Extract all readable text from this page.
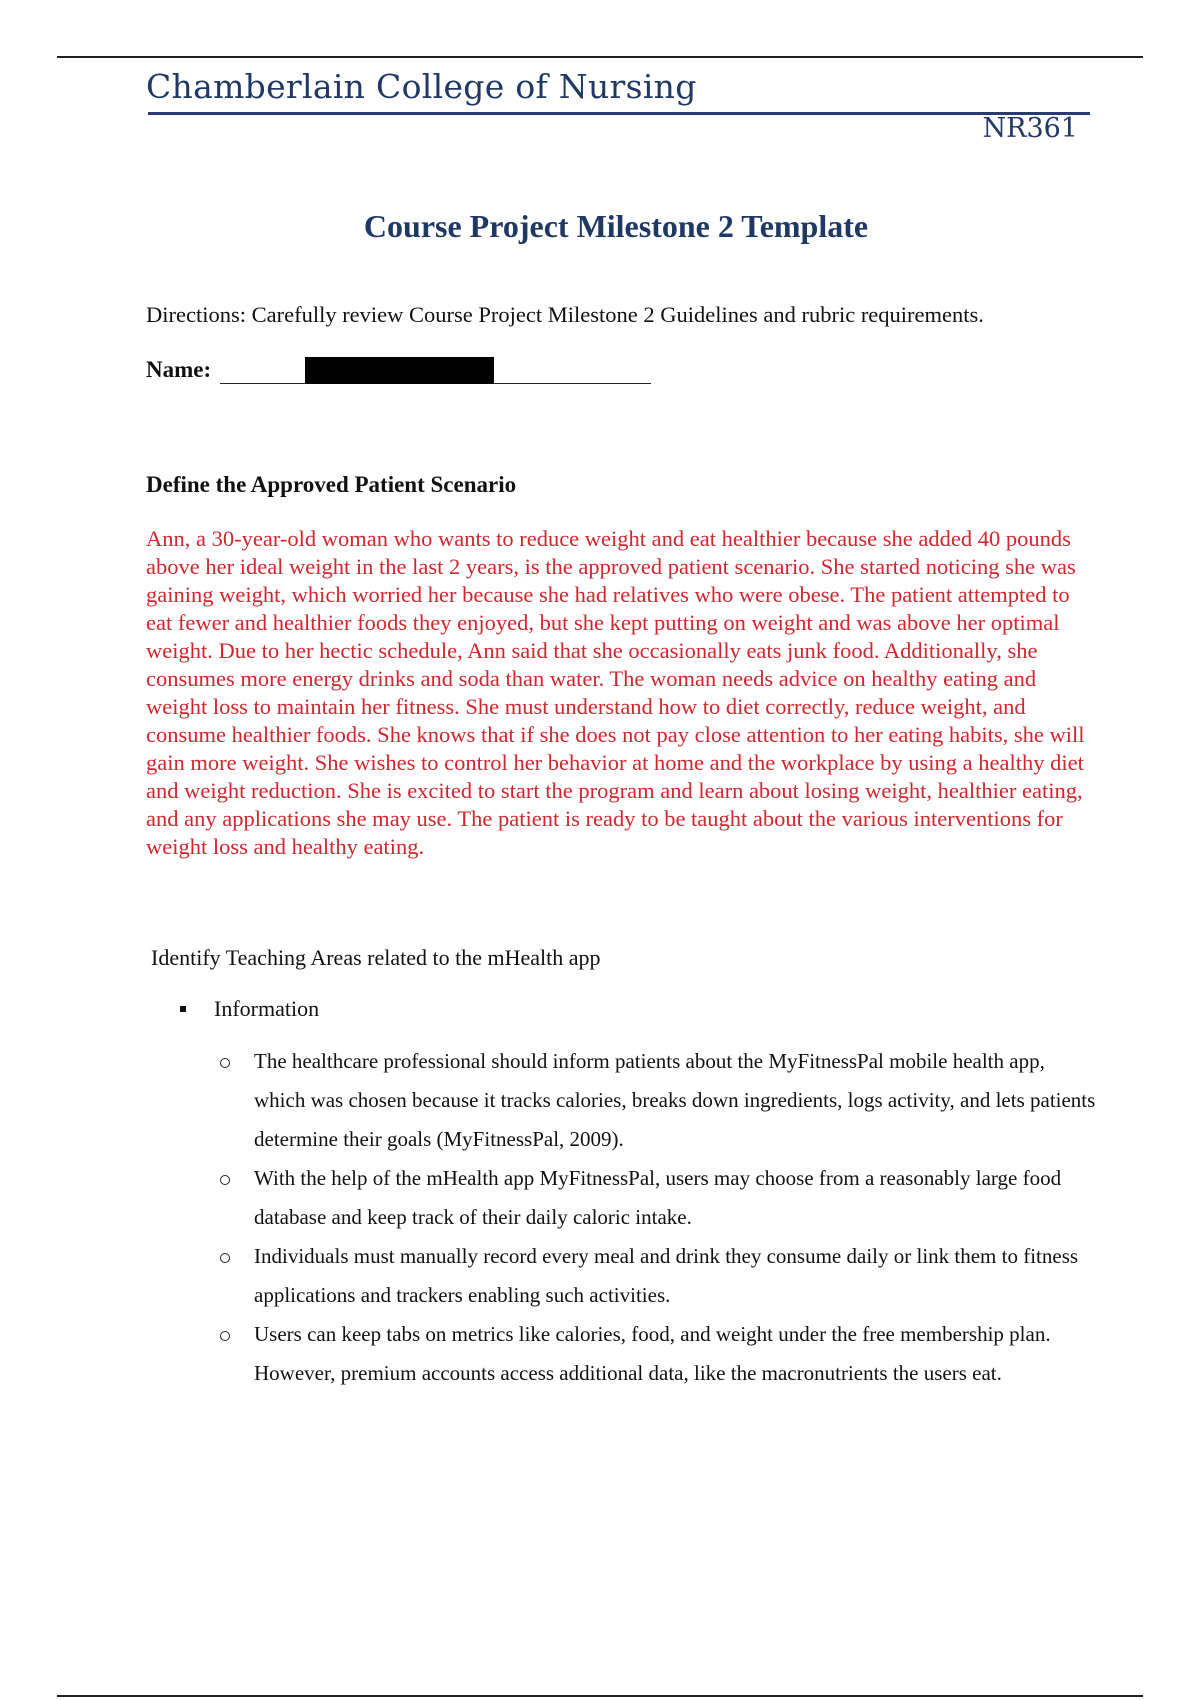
Chamberlain College of Nursing
NR361
Course Project Milestone 2 Template
Directions: Carefully review Course Project Milestone 2 Guidelines and rubric requirements.
Name:
Define the Approved Patient Scenario

Ann, a 30-year-old woman who wants to reduce weight and eat healthier because she added 40 pounds above her ideal weight in the last 2 years, is the approved patient scenario. She started noticing she was gaining weight, which worried her because she had relatives who were obese. The patient attempted to eat fewer and healthier foods they enjoyed, but she kept putting on weight and was above her optimal weight. Due to her hectic schedule, Ann said that she occasionally eats junk food. Additionally, she consumes more energy drinks and soda than water. The woman needs advice on healthy eating and weight loss to maintain her fitness. She must understand how to diet correctly, reduce weight, and consume healthier foods. She knows that if she does not pay close attention to her eating habits, she will gain more weight. She wishes to control her behavior at home and the workplace by using a healthy diet and weight reduction. She is excited to start the program and learn about losing weight, healthier eating, and any applications she may use. The patient is ready to be taught about the various interventions for weight loss and healthy eating.

Identify Teaching Areas related to the mHealth app
Information
The healthcare professional should inform patients about the MyFitnessPal mobile health app, which was chosen because it tracks calories, breaks down ingredients, logs activity, and lets patients determine their goals (MyFitnessPal, 2009).
With the help of the mHealth app MyFitnessPal, users may choose from a reasonably large food database and keep track of their daily caloric intake.
Individuals must manually record every meal and drink they consume daily or link them to fitness applications and trackers enabling such activities.
Users can keep tabs on metrics like calories, food, and weight under the free membership plan. However, premium accounts access additional data, like the macronutrients the users eat.
